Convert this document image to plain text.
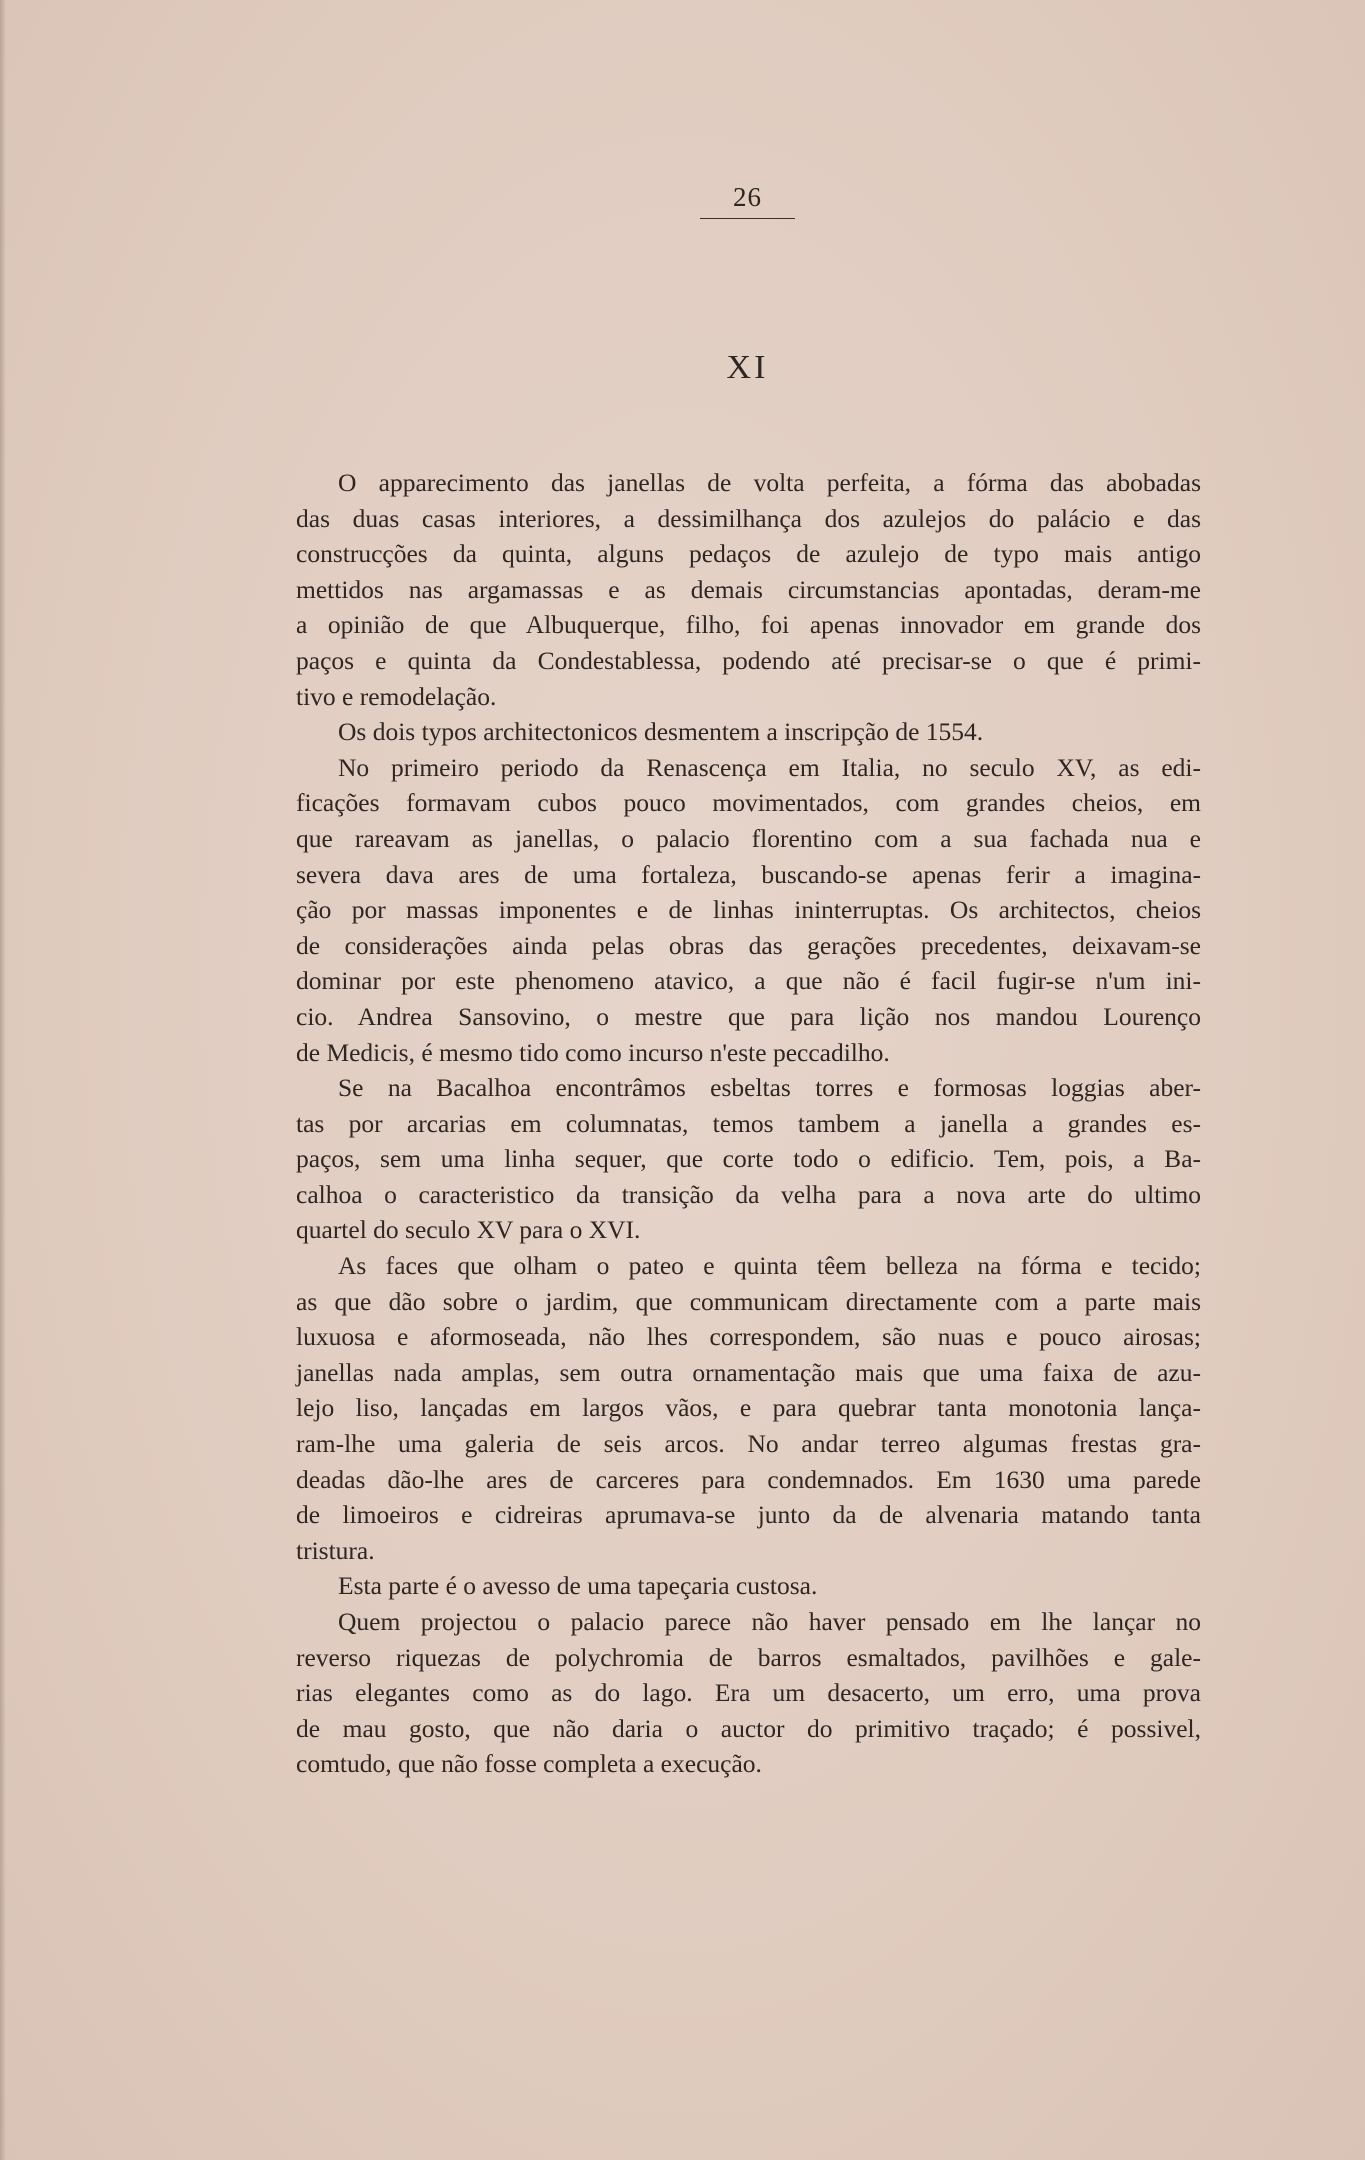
26
XI
O apparecimento das janellas de volta perfeita, a fórma das abobadas
das duas casas interiores, a dessimilhança dos azulejos do palácio e das
construcções da quinta, alguns pedaços de azulejo de typo mais antigo
mettidos nas argamassas e as demais circumstancias apontadas, deram-me
a opinião de que Albuquerque, filho, foi apenas innovador em grande dos
paços e quinta da Condestablessa, podendo até precisar-se o que é primi-
tivo e remodelação.
Os dois typos architectonicos desmentem a inscripção de 1554.
No primeiro periodo da Renascença em Italia, no seculo XV, as edi-
ficações formavam cubos pouco movimentados, com grandes cheios, em
que rareavam as janellas, o palacio florentino com a sua fachada nua e
severa dava ares de uma fortaleza, buscando-se apenas ferir a imagina-
ção por massas imponentes e de linhas ininterruptas. Os architectos, cheios
de considerações ainda pelas obras das gerações precedentes, deixavam-se
dominar por este phenomeno atavico, a que não é facil fugir-se n'um ini-
cio. Andrea Sansovino, o mestre que para lição nos mandou Lourenço
de Medicis, é mesmo tido como incurso n'este peccadilho.
Se na Bacalhoa encontrâmos esbeltas torres e formosas loggias aber-
tas por arcarias em columnatas, temos tambem a janella a grandes es-
paços, sem uma linha sequer, que corte todo o edificio. Tem, pois, a Ba-
calhoa o caracteristico da transição da velha para a nova arte do ultimo
quartel do seculo XV para o XVI.
As faces que olham o pateo e quinta têem belleza na fórma e tecido;
as que dão sobre o jardim, que communicam directamente com a parte mais
luxuosa e aformoseada, não lhes correspondem, são nuas e pouco airosas;
janellas nada amplas, sem outra ornamentação mais que uma faixa de azu-
lejo liso, lançadas em largos vãos, e para quebrar tanta monotonia lança-
ram-lhe uma galeria de seis arcos. No andar terreo algumas frestas gra-
deadas dão-lhe ares de carceres para condemnados. Em 1630 uma parede
de limoeiros e cidreiras aprumava-se junto da de alvenaria matando tanta
tristura.
Esta parte é o avesso de uma tapeçaria custosa.
Quem projectou o palacio parece não haver pensado em lhe lançar no
reverso riquezas de polychromia de barros esmaltados, pavilhões e gale-
rias elegantes como as do lago. Era um desacerto, um erro, uma prova
de mau gosto, que não daria o auctor do primitivo traçado; é possivel,
comtudo, que não fosse completa a execução.
